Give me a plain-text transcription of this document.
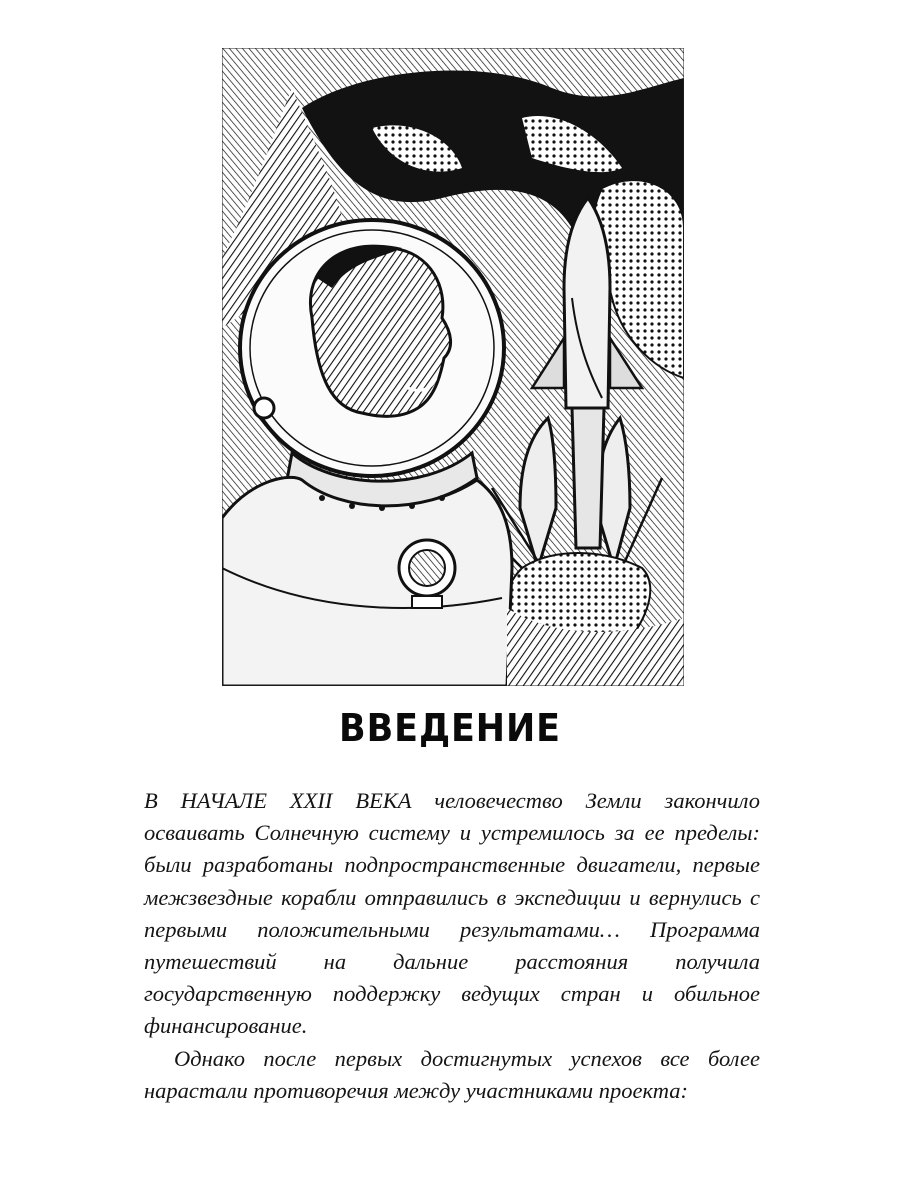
ВВЕДЕНИЕ

В НАЧАЛЕ XXII ВЕКА человечество Земли закончило осваивать Солнечную систему и устремилось за ее пределы: были разработаны подпространственные двигатели, первые межзвездные корабли отправились в экспедиции и вернулись с первыми положительными результатами… Программа путешествий на дальние расстояния получила государственную поддержку ведущих стран и обильное финансирование.

Однако после первых достигнутых успехов все более нарастали противоречия между участниками проекта:
